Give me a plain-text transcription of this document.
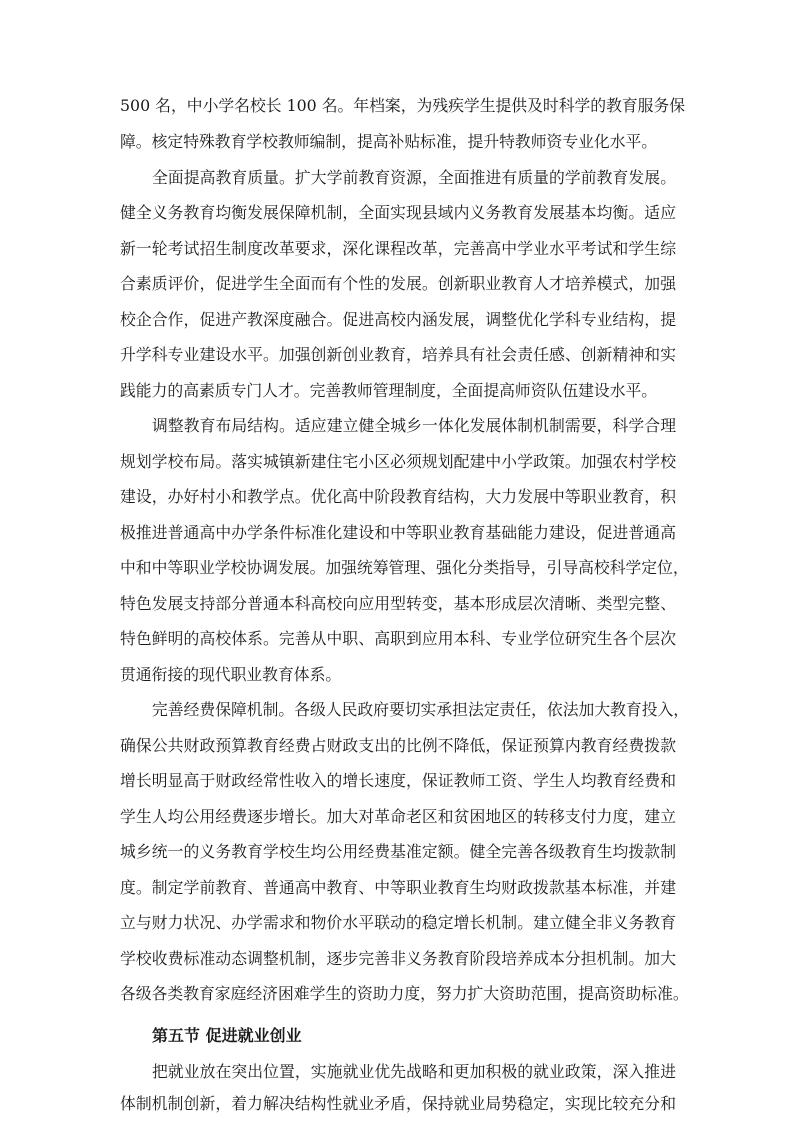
500 名，中小学名校长 100 名。年档案，为残疾学生提供及时科学的教育服务保
障。核定特殊教育学校教师编制，提高补贴标准，提升特教师资专业化水平。
全面提高教育质量。扩大学前教育资源，全面推进有质量的学前教育发展。
健全义务教育均衡发展保障机制，全面实现县域内义务教育发展基本均衡。适应
新一轮考试招生制度改革要求，深化课程改革，完善高中学业水平考试和学生综
合素质评价，促进学生全面而有个性的发展。创新职业教育人才培养模式，加强
校企合作，促进产教深度融合。促进高校内涵发展，调整优化学科专业结构，提
升学科专业建设水平。加强创新创业教育，培养具有社会责任感、创新精神和实
践能力的高素质专门人才。完善教师管理制度，全面提高师资队伍建设水平。
调整教育布局结构。适应建立健全城乡一体化发展体制机制需要，科学合理
规划学校布局。落实城镇新建住宅小区必须规划配建中小学政策。加强农村学校
建设，办好村小和教学点。优化高中阶段教育结构，大力发展中等职业教育，积
极推进普通高中办学条件标准化建设和中等职业教育基础能力建设，促进普通高
中和中等职业学校协调发展。加强统筹管理、强化分类指导，引导高校科学定位，
特色发展支持部分普通本科高校向应用型转变，基本形成层次清晰、类型完整、
特色鲜明的高校体系。完善从中职、高职到应用本科、专业学位研究生各个层次
贯通衔接的现代职业教育体系。
完善经费保障机制。各级人民政府要切实承担法定责任，依法加大教育投入，
确保公共财政预算教育经费占财政支出的比例不降低，保证预算内教育经费拨款
增长明显高于财政经常性收入的增长速度，保证教师工资、学生人均教育经费和
学生人均公用经费逐步增长。加大对革命老区和贫困地区的转移支付力度，建立
城乡统一的义务教育学校生均公用经费基准定额。健全完善各级教育生均拨款制
度。制定学前教育、普通高中教育、中等职业教育生均财政拨款基本标准，并建
立与财力状况、办学需求和物价水平联动的稳定增长机制。建立健全非义务教育
学校收费标准动态调整机制，逐步完善非义务教育阶段培养成本分担机制。加大
各级各类教育家庭经济困难学生的资助力度，努力扩大资助范围，提高资助标准。
第五节 促进就业创业
把就业放在突出位置，实施就业优先战略和更加积极的就业政策，深入推进
体制机制创新，着力解决结构性就业矛盾，保持就业局势稳定，实现比较充分和
